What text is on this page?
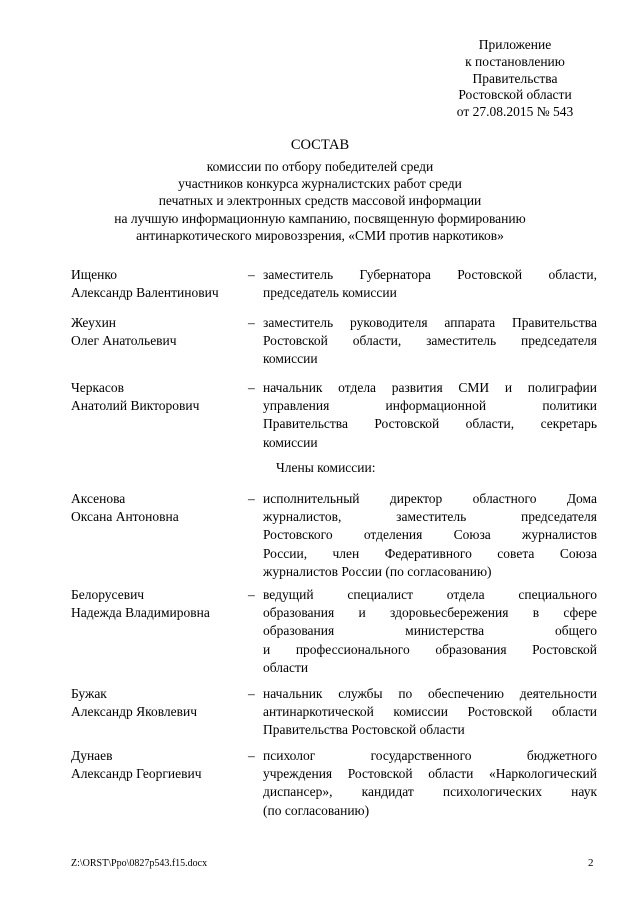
Приложение
к постановлению
Правительства
Ростовской области
от 27.08.2015 № 543
СОСТАВ
комиссии по отбору победителей среди
участников конкурса журналистских работ среди
печатных и электронных средств массовой информации
на лучшую информационную кампанию, посвященную формированию
антинаркотического мировоззрения, «СМИ против наркотиков»
Ищенко
Александр Валентинович
– заместитель Губернатора Ростовской области,
председатель комиссии
Жеухин
Олег Анатольевич
– заместитель руководителя аппарата Правительства
Ростовской области, заместитель председателя
комиссии
Черкасов
Анатолий Викторович
– начальник отдела развития СМИ и полиграфии
управления информационной политики
Правительства Ростовской области, секретарь
комиссии
Члены комиссии:
Аксенова
Оксана Антоновна
– исполнительный директор областного Дома
журналистов, заместитель председателя
Ростовского отделения Союза журналистов
России, член Федеративного совета Союза
журналистов России (по согласованию)
Белорусевич
Надежда Владимировна
– ведущий специалист отдела специального
образования и здоровьесбережения в сфере
образования министерства общего
и профессионального образования Ростовской
области
Бужак
Александр Яковлевич
– начальник службы по обеспечению деятельности
антинаркотической комиссии Ростовской области
Правительства Ростовской области
Дунаев
Александр Георгиевич
– психолог государственного бюджетного
учреждения Ростовской области «Наркологический
диспансер», кандидат психологических наук
(по согласованию)
Z:\ORST\Ppo\0827p543.f15.docx	2
